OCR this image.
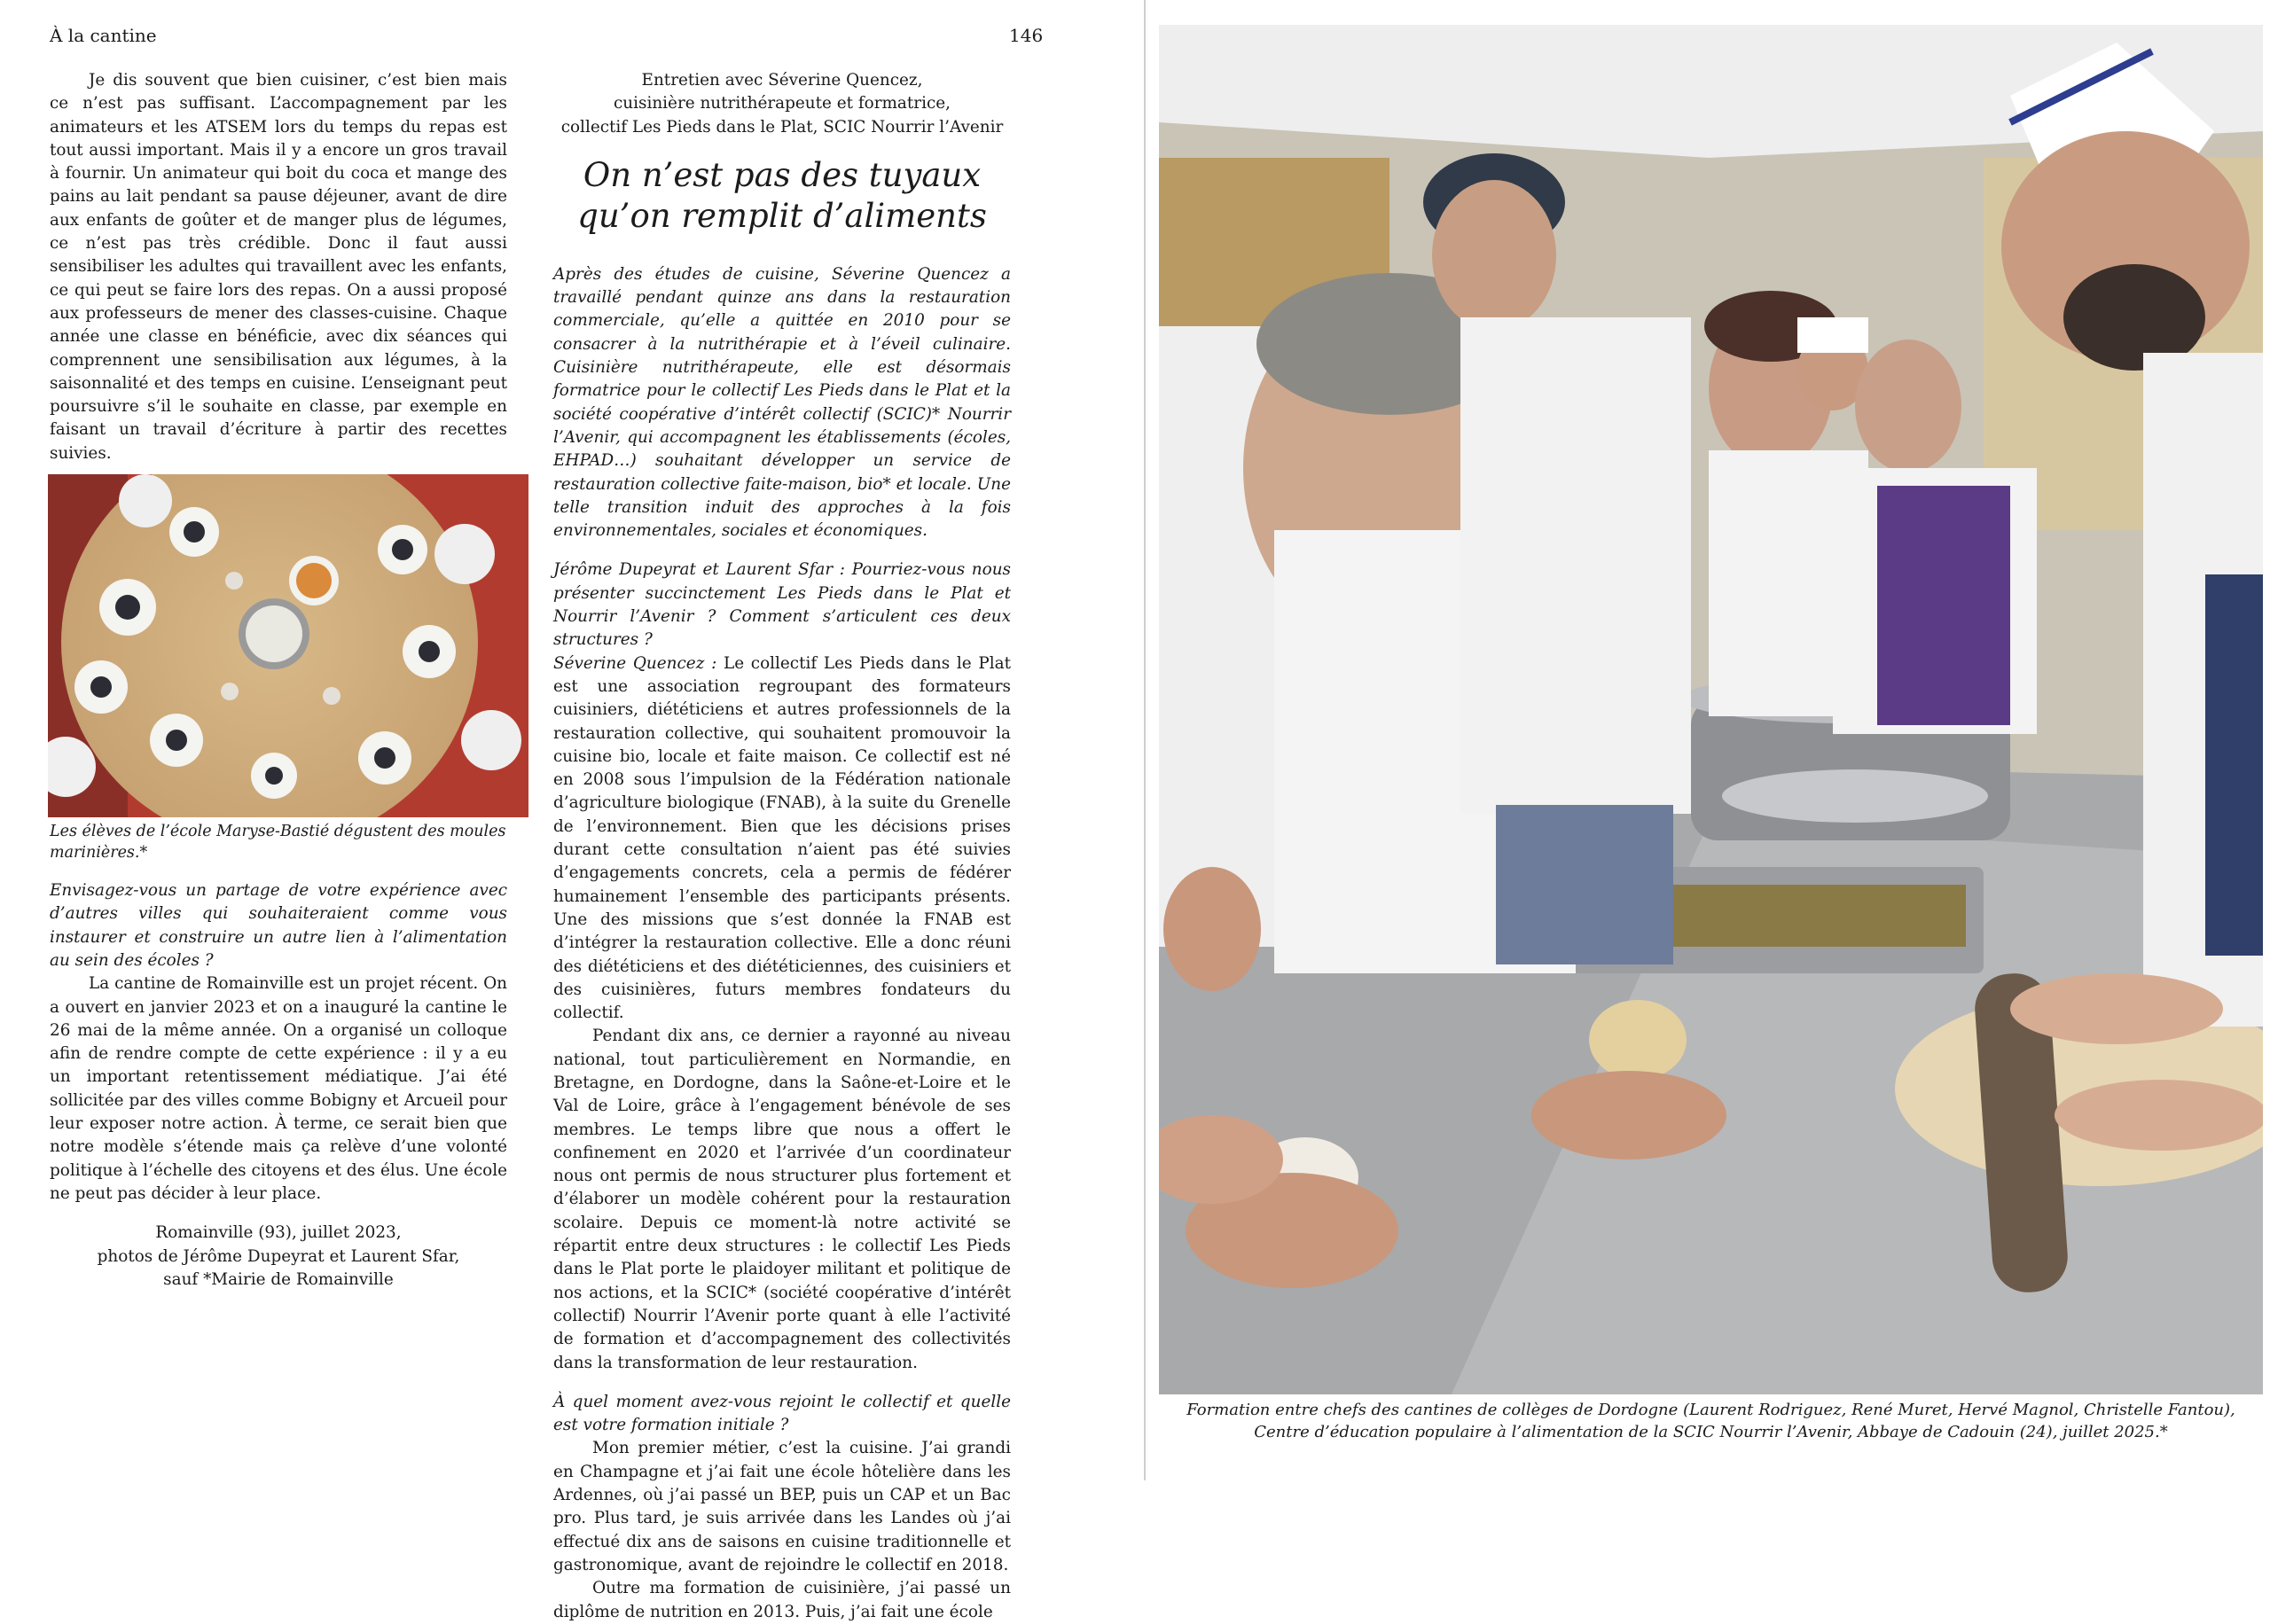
À la cantine	146

Je dis souvent que bien cuisiner, c’est bien mais ce n’est pas suffisant. L’accompagnement par les animateurs et les ATSEM lors du temps du repas est tout aussi important. Mais il y a encore un gros travail à fournir. Un animateur qui boit du coca et mange des pains au lait pendant sa pause déjeuner, avant de dire aux enfants de goûter et de manger plus de légumes, ce n’est pas très crédible. Donc il faut aussi sensibiliser les adultes qui travaillent avec les enfants, ce qui peut se faire lors des repas. On a aussi proposé aux professeurs de mener des classes-cuisine. Chaque année une classe en bénéficie, avec dix séances qui comprennent une sensibilisation aux légumes, à la saisonnalité et des temps en cuisine. L’enseignant peut poursuivre s’il le souhaite en classe, par exemple en faisant un travail d’écriture à partir des recettes suivies.

Les élèves de l’école Maryse-Bastié dégustent des moules marinières.*

Envisagez-vous un partage de votre expérience avec d’autres villes qui souhaiteraient comme vous instaurer et construire un autre lien à l’alimentation au sein des écoles ?

La cantine de Romainville est un projet récent. On a ouvert en janvier 2023 et on a inauguré la cantine le 26 mai de la même année. On a organisé un colloque afin de rendre compte de cette expérience : il y a eu un important retentissement médiatique. J’ai été sollicitée par des villes comme Bobigny et Arcueil pour leur exposer notre action. À terme, ce serait bien que notre modèle s’étende mais ça relève d’une volonté politique à l’échelle des citoyens et des élus. Une école ne peut pas décider à leur place.

Romainville (93), juillet 2023,

photos de Jérôme Dupeyrat et Laurent Sfar,

sauf *Mairie de Romainville

Entretien avec Séverine Quencez,

cuisinière nutrithérapeute et formatrice,

collectif Les Pieds dans le Plat, SCIC Nourrir l’Avenir

On n’est pas des tuyaux
qu’on remplit d’aliments

Après des études de cuisine, Séverine Quencez a travaillé pendant quinze ans dans la restauration commerciale, qu’elle a quittée en 2010 pour se consacrer à la nutrithérapie et à l’éveil culinaire. Cuisinière nutrithérapeute, elle est désormais formatrice pour le collectif Les Pieds dans le Plat et la société coopérative d’intérêt collectif (SCIC)* Nourrir l’Avenir, qui accompagnent les établissements (écoles, EHPAD…) souhaitant développer un service de restauration collective faite-maison, bio* et locale. Une telle transition induit des approches à la fois environnementales, sociales et économiques.

Jérôme Dupeyrat et Laurent Sfar : Pourriez-vous nous présenter succinctement Les Pieds dans le Plat et Nourrir l’Avenir ? Comment s’articulent ces deux structures ?

Séverine Quencez : Le collectif Les Pieds dans le Plat est une association regroupant des formateurs cuisiniers, diététiciens et autres professionnels de la restauration collective, qui souhaitent promouvoir la cuisine bio, locale et faite maison. Ce collectif est né en 2008 sous l’impulsion de la Fédération nationale d’agriculture biologique (FNAB), à la suite du Grenelle de l’environnement. Bien que les décisions prises durant cette consultation n’aient pas été suivies d’engagements concrets, cela a permis de fédérer humainement l’ensemble des participants présents. Une des missions que s’est donnée la FNAB est d’intégrer la restauration collective. Elle a donc réuni des diététiciens et des diététiciennes, des cuisiniers et des cuisinières, futurs membres fondateurs du collectif.

Pendant dix ans, ce dernier a rayonné au niveau national, tout particulièrement en Normandie, en Bretagne, en Dordogne, dans la Saône-et-Loire et le Val de Loire, grâce à l’engagement bénévole de ses membres. Le temps libre que nous a offert le confinement en 2020 et l’arrivée d’un coordinateur nous ont permis de nous structurer plus fortement et d’élaborer un modèle cohérent pour la restauration scolaire. Depuis ce moment-là notre activité se répartit entre deux structures : le collectif Les Pieds dans le Plat porte le plaidoyer militant et politique de nos actions, et la SCIC* (société coopérative d’intérêt collectif) Nourrir l’Avenir porte quant à elle l’activité de formation et d’accompagnement des collectivités dans la transformation de leur restauration.

À quel moment avez-vous rejoint le collectif et quelle est votre formation initiale ?

Mon premier métier, c’est la cuisine. J’ai grandi en Champagne et j’ai fait une école hôtelière dans les Ardennes, où j’ai passé un BEP, puis un CAP et un Bac pro. Plus tard, je suis arrivée dans les Landes où j’ai effectué dix ans de saisons en cuisine traditionnelle et gastronomique, avant de rejoindre le collectif en 2018.

Outre ma formation de cuisinière, j’ai passé un diplôme de nutrition en 2013. Puis, j’ai fait une école

Formation entre chefs des cantines de collèges de Dordogne (Laurent Rodriguez, René Muret, Hervé Magnol, Christelle Fantou),
Centre d’éducation populaire à l’alimentation de la SCIC Nourrir l’Avenir, Abbaye de Cadouin (24), juillet 2025.*
